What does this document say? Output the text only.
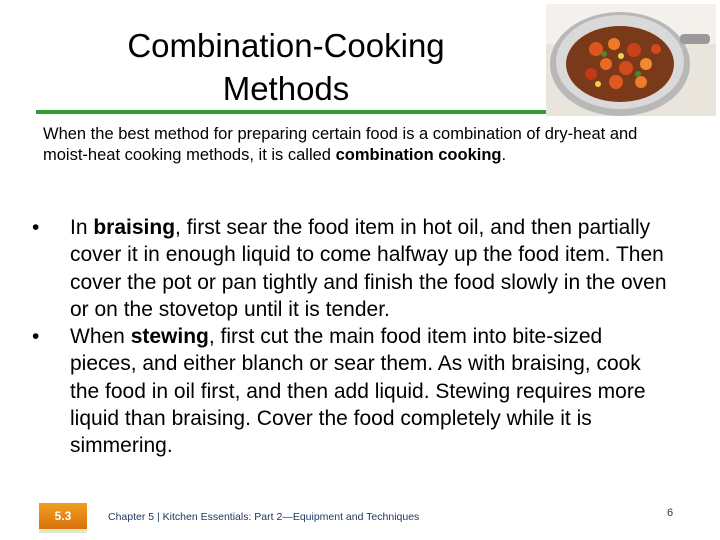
Combination-Cooking
Methods
When the best method for preparing certain food is a combination of dry-heat and moist-heat cooking methods, it is called combination cooking.
•	In braising, first sear the food item in hot oil, and then partially cover it in enough liquid to come halfway up the food item. Then cover the pot or pan tightly and finish the food slowly in the oven or on the stovetop until it is tender.
•	When stewing, first cut the main food item into bite-sized pieces, and either blanch or sear them. As with braising, cook the food in oil first, and then add liquid. Stewing requires more liquid than braising. Cover the food completely while it is simmering.
5.3	Chapter 5 | Kitchen Essentials: Part 2—Equipment and Techniques	6
